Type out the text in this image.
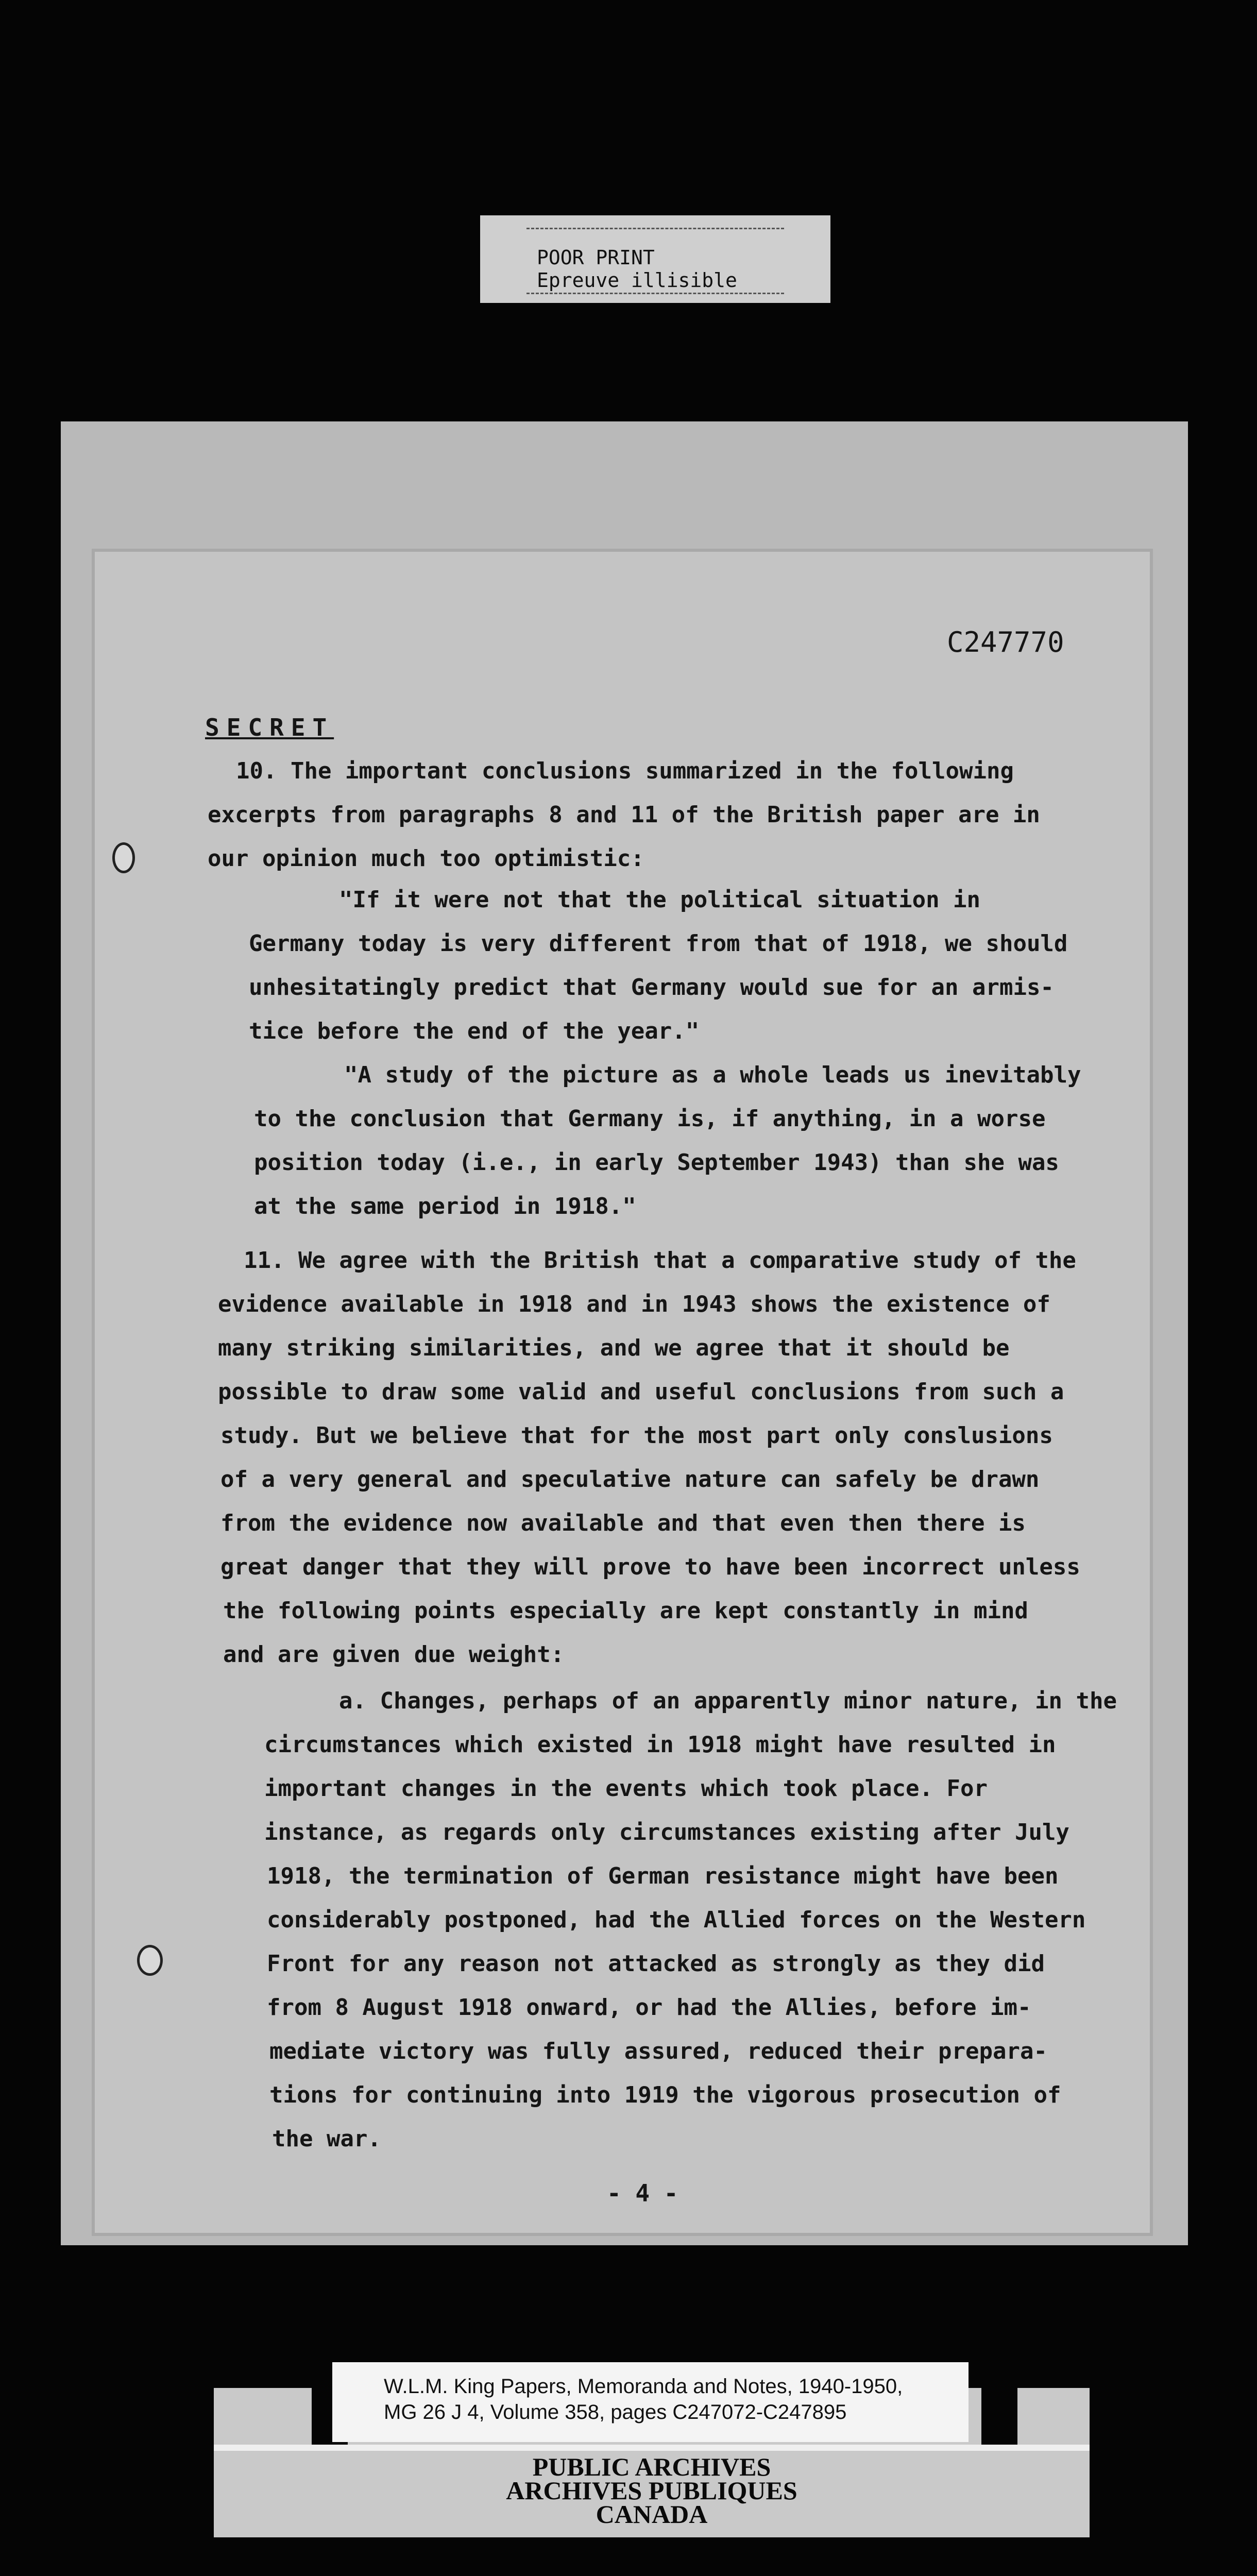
POOR PRINT
Epreuve illisible
C247770
SECRET
10. The important conclusions summarized in the following
excerpts from paragraphs 8 and 11 of the British paper are in
our opinion much too optimistic:
"If it were not that the political situation in
Germany today is very different from that of 1918, we should
unhesitatingly predict that Germany would sue for an armis-
tice before the end of the year."
"A study of the picture as a whole leads us inevitably
to the conclusion that Germany is, if anything, in a worse
position today (i.e., in early September 1943) than she was
at the same period in 1918."
11. We agree with the British that a comparative study of the
evidence available in 1918 and in 1943 shows the existence of
many striking similarities, and we agree that it should be
possible to draw some valid and useful conclusions from such a
study. But we believe that for the most part only conslusions
of a very general and speculative nature can safely be drawn
from the evidence now available and that even then there is
great danger that they will prove to have been incorrect unless
the following points especially are kept constantly in mind
and are given due weight:
a. Changes, perhaps of an apparently minor nature, in the
circumstances which existed in 1918 might have resulted in
important changes in the events which took place. For
instance, as regards only circumstances existing after July
1918, the termination of German resistance might have been
considerably postponed, had the Allied forces on the Western
Front for any reason not attacked as strongly as they did
from 8 August 1918 onward, or had the Allies, before im-
mediate victory was fully assured, reduced their prepara-
tions for continuing into 1919 the vigorous prosecution of
the war.
- 4 -
W.L.M. King Papers, Memoranda and Notes, 1940-1950,
MG 26 J 4, Volume 358, pages C247072-C247895
PUBLIC ARCHIVES
ARCHIVES PUBLIQUES
CANADA
